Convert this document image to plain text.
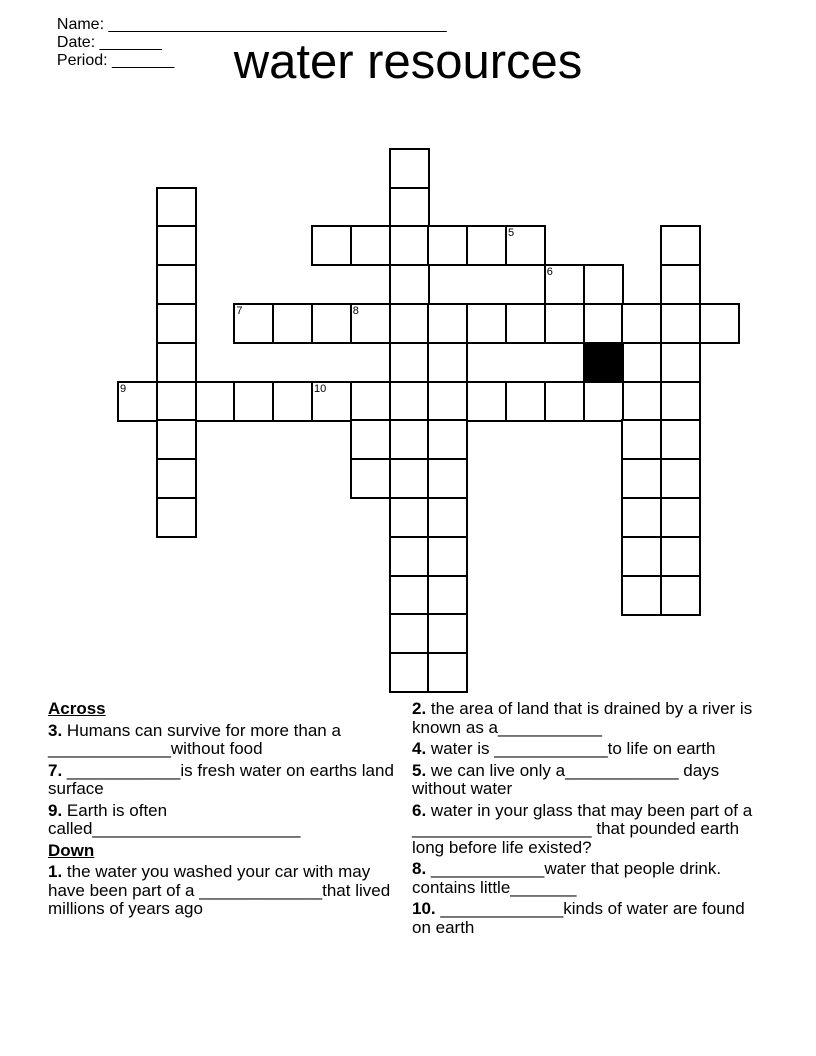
Name: ______________________________________
Date: _______
Period: _______	water resources
5
7	8
9	10
6
Across
3. Humans can survive for more than a _____________without food
7. ____________is fresh water on earths land surface
9. Earth is often called______________________
Down
1. the water you washed your car with may have been part of a _____________that lived millions of years ago
2. the area of land that is drained by a river is known as a___________
4. water is ____________to life on earth
5. we can live only a____________ days without water
6. water in your glass that may been part of a ___________________ that pounded earth long before life existed?
8. ____________water that people drink. contains little_______
10. _____________kinds of water are found on earth
